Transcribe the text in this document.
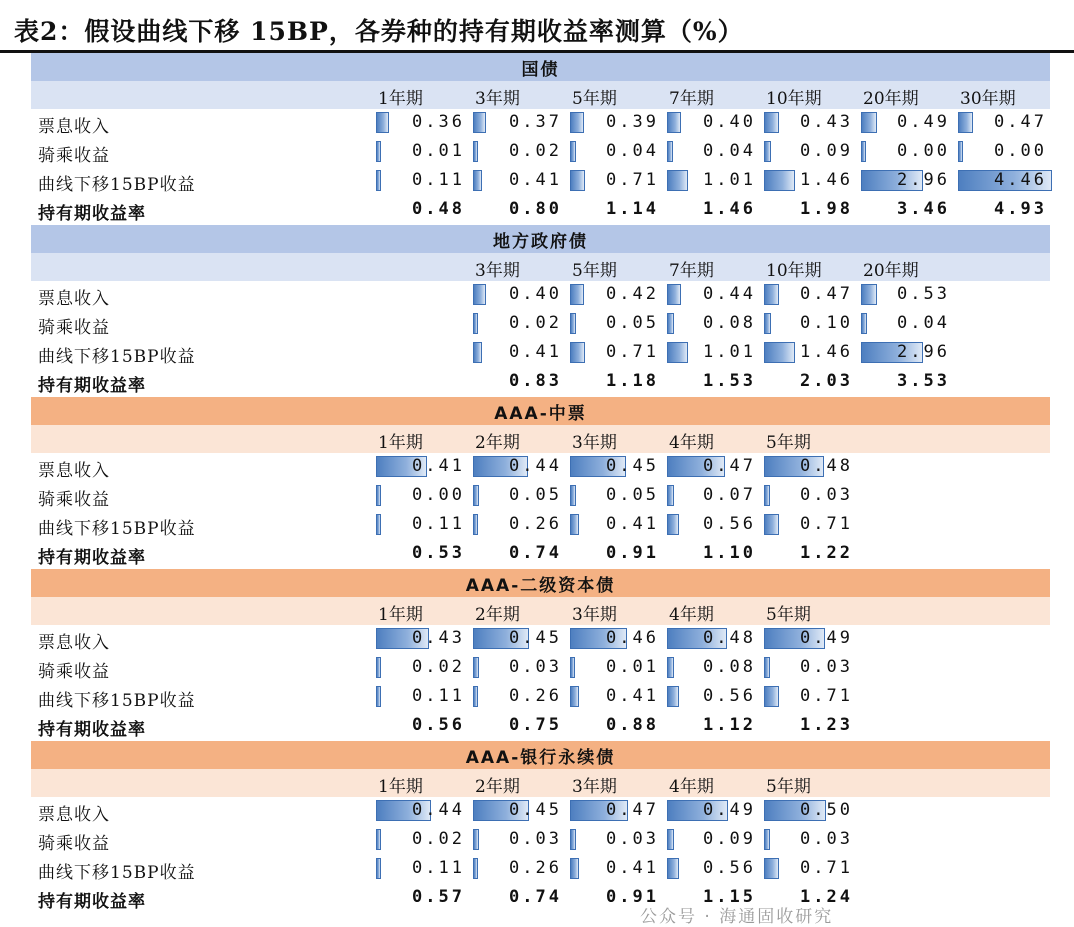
表2：假设曲线下移 15BP，各券种的持有期收益率测算（%）
国债
1年期	3年期	5年期	7年期	10年期 20年期 30年期
票息收入	0.36	0.37	0.39	0.40	0.43	0.49	0.47
骑乘收益	0.01	0.02	0.04	0.04	0.09	0.00	0.00
曲线下移15BP收益	0.11	0.41	0.71	1.01	1.46	2.96	4.46
持有期收益率	0.48	0.80	1.14	1.46	1.98	3.46	4.93
地方政府债
3年期	5年期	7年期	10年期 20年期
票息收入	0.40	0.42	0.44	0.47	0.53
骑乘收益	0.02	0.05	0.08	0.10	0.04
曲线下移15BP收益	0.41	0.71	1.01	1.46	2.96
持有期收益率	0.83	1.18	1.53	2.03	3.53
AAA-中票
1年期	2年期	3年期	4年期	5年期
票息收入	0.41	0.44	0.45	0.47	0.48
骑乘收益	0.00	0.05	0.05	0.07	0.03
曲线下移15BP收益	0.11	0.26	0.41	0.56	0.71
持有期收益率	0.53	0.74	0.91	1.10	1.22
AAA-二级资本债
1年期	2年期	3年期	4年期	5年期
票息收入	0.43	0.45	0.46	0.48	0.49
骑乘收益	0.02	0.03	0.01	0.08	0.03
曲线下移15BP收益	0.11	0.26	0.41	0.56	0.71
持有期收益率	0.56	0.75	0.88	1.12	1.23
AAA-银行永续债
1年期	2年期	3年期	4年期	5年期
票息收入	0.44	0.45	0.47	0.49	0.50
骑乘收益	0.02	0.03	0.03	0.09	0.03
曲线下移15BP收益	0.11	0.26	0.41	0.56	0.71
持有期收益率	0.57	0.74	0.91	1.15	1.24
公众号 · 海通固收研究
